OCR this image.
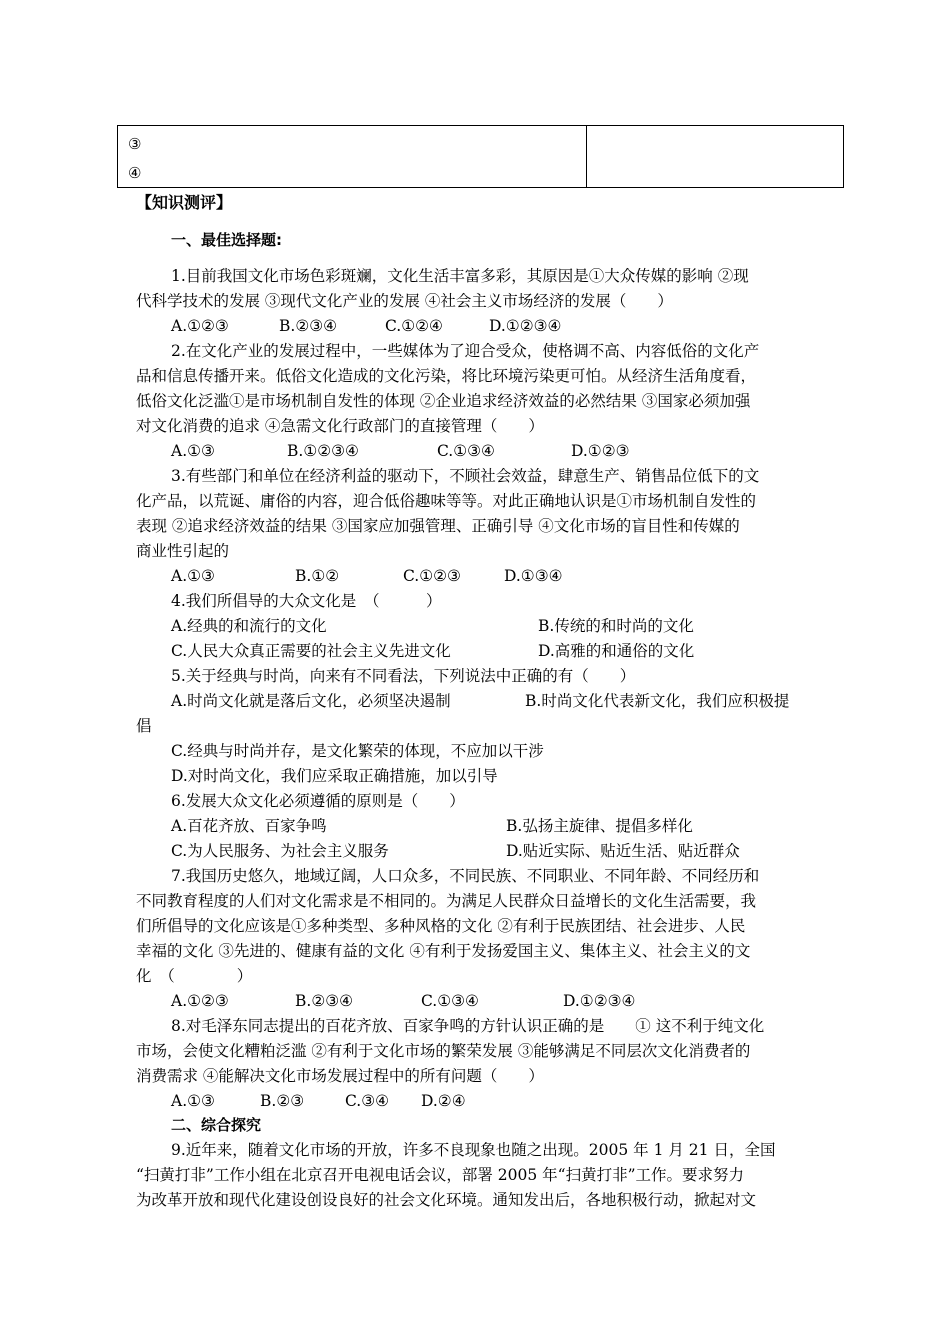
③
④
【知识测评】
一、最佳选择题:
1.目前我国文化市场色彩斑斓，文化生活丰富多彩，其原因是①大众传媒的影响 ②现
代科学技术的发展 ③现代文化产业的发展 ④社会主义市场经济的发展（　　）
A.①②③	B.②③④	C.①②④	D.①②③④
2.在文化产业的发展过程中，一些媒体为了迎合受众，使格调不高、内容低俗的文化产
品和信息传播开来。低俗文化造成的文化污染，将比环境污染更可怕。从经济生活角度看，
低俗文化泛滥①是市场机制自发性的体现 ②企业追求经济效益的必然结果 ③国家必须加强
对文化消费的追求 ④急需文化行政部门的直接管理（　　）
A.①③	B.①②③④	C.①③④	D.①②③
3.有些部门和单位在经济利益的驱动下，不顾社会效益，肆意生产、销售品位低下的文
化产品，以荒诞、庸俗的内容，迎合低俗趣味等等。对此正确地认识是①市场机制自发性的
表现 ②追求经济效益的结果 ③国家应加强管理、正确引导 ④文化市场的盲目性和传媒的
商业性引起的
A.①③	B.①②	C.①②③	D.①③④
4.我们所倡导的大众文化是　（　　　）
A.经典的和流行的文化	B.传统的和时尚的文化
C.人民大众真正需要的社会主义先进文化	D.高雅的和通俗的文化
5.关于经典与时尚，向来有不同看法，下列说法中正确的有（　　）
A.时尚文化就是落后文化，必须坚决遏制	B.时尚文化代表新文化，我们应积极提
倡
C.经典与时尚并存，是文化繁荣的体现，不应加以干涉
D.对时尚文化，我们应采取正确措施，加以引导
6.发展大众文化必须遵循的原则是（　　）
A.百花齐放、百家争鸣	B.弘扬主旋律、提倡多样化
C.为人民服务、为社会主义服务	D.贴近实际、贴近生活、贴近群众
7.我国历史悠久，地域辽阔，人口众多，不同民族、不同职业、不同年龄、不同经历和
不同教育程度的人们对文化需求是不相同的。为满足人民群众日益增长的文化生活需要，我
们所倡导的文化应该是①多种类型、多种风格的文化 ②有利于民族团结、社会进步、人民
幸福的文化 ③先进的、健康有益的文化 ④有利于发扬爱国主义、集体主义、社会主义的文
化　（　　　　）
A.①②③	B.②③④	C.①③④	D.①②③④
8.对毛泽东同志提出的百花齐放、百家争鸣的方针认识正确的是　　① 这不利于纯文化
市场，会使文化糟粕泛滥 ②有利于文化市场的繁荣发展 ③能够满足不同层次文化消费者的
消费需求 ④能解决文化市场发展过程中的所有问题（　　）
A.①③	B.②③	C.③④ D.②④
二、综合探究
9.近年来，随着文化市场的开放，许多不良现象也随之出现。2005 年 1 月 21 日，全国
“扫黄打非”工作小组在北京召开电视电话会议，部署 2005 年“扫黄打非”工作。要求努力
为改革开放和现代化建设创设良好的社会文化环境。通知发出后，各地积极行动，掀起对文
